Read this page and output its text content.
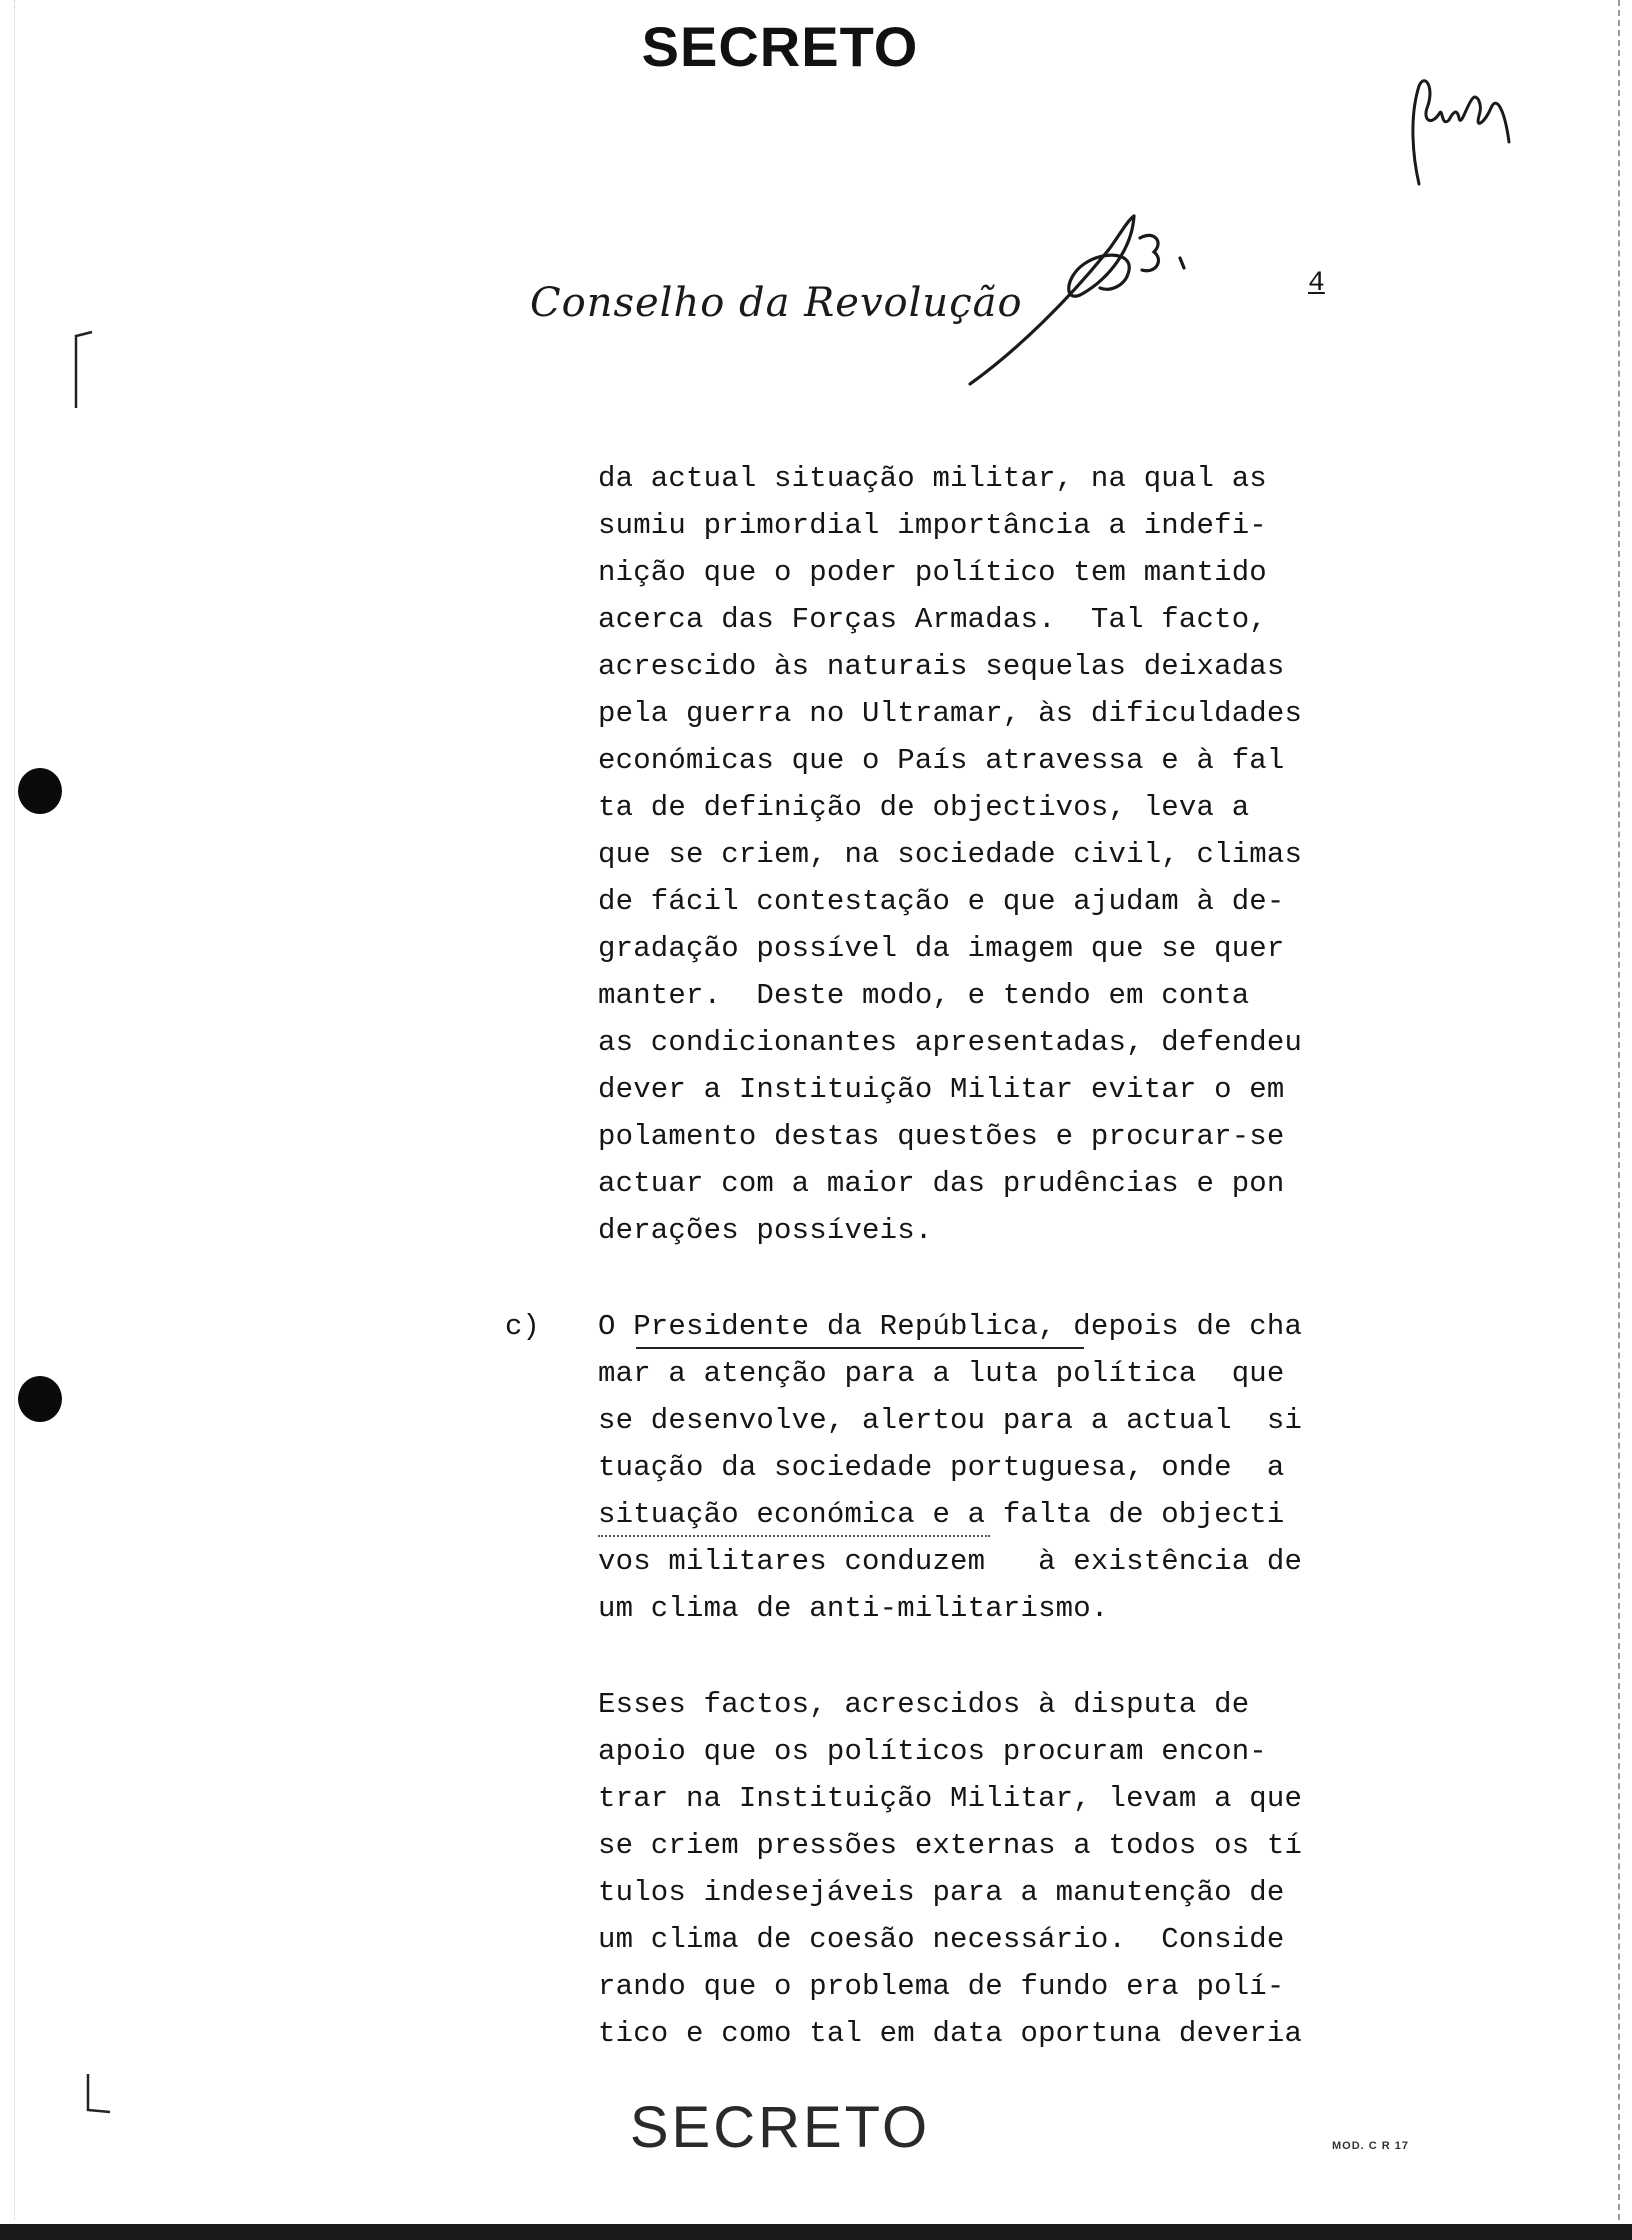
SECRETO
Conselho da Revolução	4
da actual situação militar, na qual as
sumiu primordial importância a indefi-
nição que o poder político tem mantido
acerca das Forças Armadas.  Tal facto,
acrescido às naturais sequelas deixadas
pela guerra no Ultramar, às dificuldades
económicas que o País atravessa e à fal
ta de definição de objectivos, leva a
que se criem, na sociedade civil, climas
de fácil contestação e que ajudam à de-
gradação possível da imagem que se quer
manter.  Deste modo, e tendo em conta
as condicionantes apresentadas, defendeu
dever a Instituição Militar evitar o em
polamento destas questões e procurar-se
actuar com a maior das prudências e pon
derações possíveis.
c) O Presidente da República, depois de cha
mar a atenção para a luta política  que
se desenvolve, alertou para a actual  si
tuação da sociedade portuguesa, onde  a
situação económica e a falta de objecti
vos militares conduzem   à existência de
um clima de anti-militarismo.
Esses factos, acrescidos à disputa de
apoio que os políticos procuram encon-
trar na Instituição Militar, levam a que
se criem pressões externas a todos os tí
tulos indesejáveis para a manutenção de
um clima de coesão necessário.  Conside
rando que o problema de fundo era polí-
tico e como tal em data oportuna deveria
SECRETO	MOD. C R 17
